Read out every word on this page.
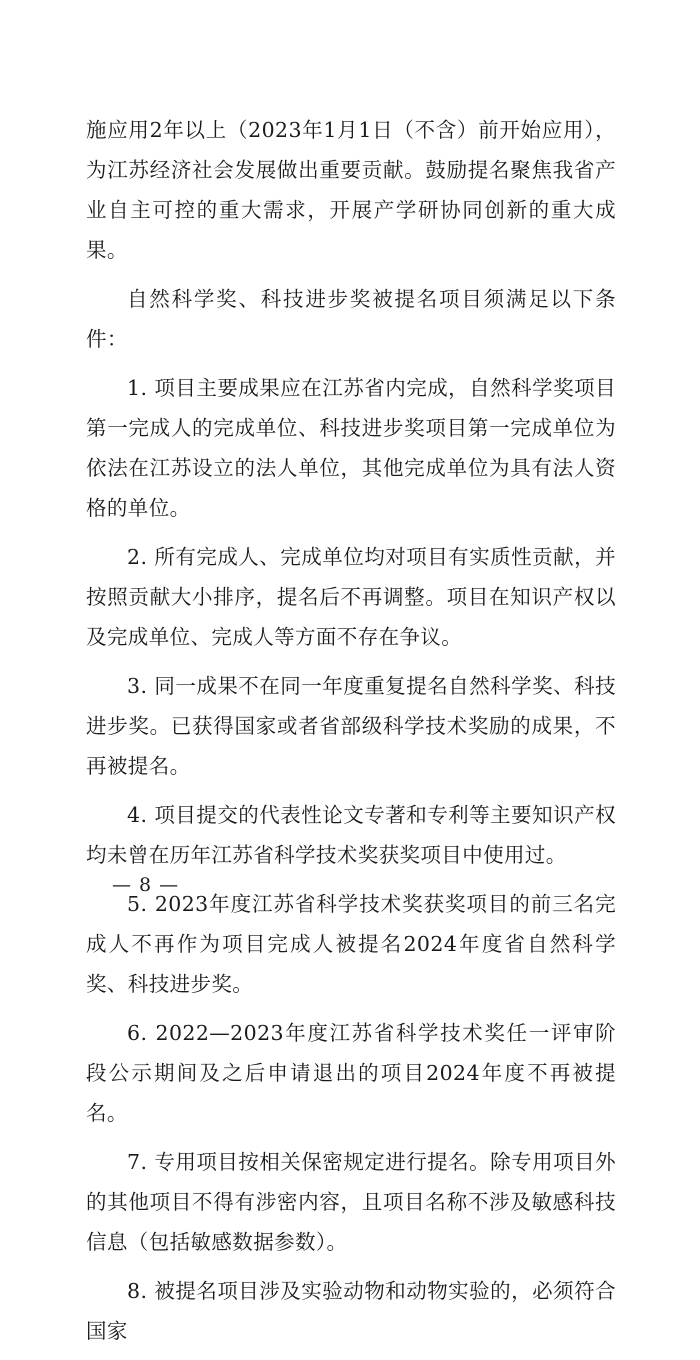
施应用2年以上（2023年1月1日（不含）前开始应用），为江苏经济社会发展做出重要贡献。鼓励提名聚焦我省产业自主可控的重大需求，开展产学研协同创新的重大成果。

自然科学奖、科技进步奖被提名项目须满足以下条件：

1. 项目主要成果应在江苏省内完成，自然科学奖项目第一完成人的完成单位、科技进步奖项目第一完成单位为依法在江苏设立的法人单位，其他完成单位为具有法人资格的单位。

2. 所有完成人、完成单位均对项目有实质性贡献，并按照贡献大小排序，提名后不再调整。项目在知识产权以及完成单位、完成人等方面不存在争议。

3. 同一成果不在同一年度重复提名自然科学奖、科技进步奖。已获得国家或者省部级科学技术奖励的成果，不再被提名。

4. 项目提交的代表性论文专著和专利等主要知识产权均未曾在历年江苏省科学技术奖获奖项目中使用过。

5. 2023年度江苏省科学技术奖获奖项目的前三名完成人不再作为项目完成人被提名2024年度省自然科学奖、科技进步奖。

6. 2022—2023年度江苏省科学技术奖任一评审阶段公示期间及之后申请退出的项目2024年度不再被提名。

7. 专用项目按相关保密规定进行提名。除专用项目外的其他项目不得有涉密内容，且项目名称不涉及敏感科技信息（包括敏感数据参数）。

8. 被提名项目涉及实验动物和动物实验的，必须符合国家

— 8 —
